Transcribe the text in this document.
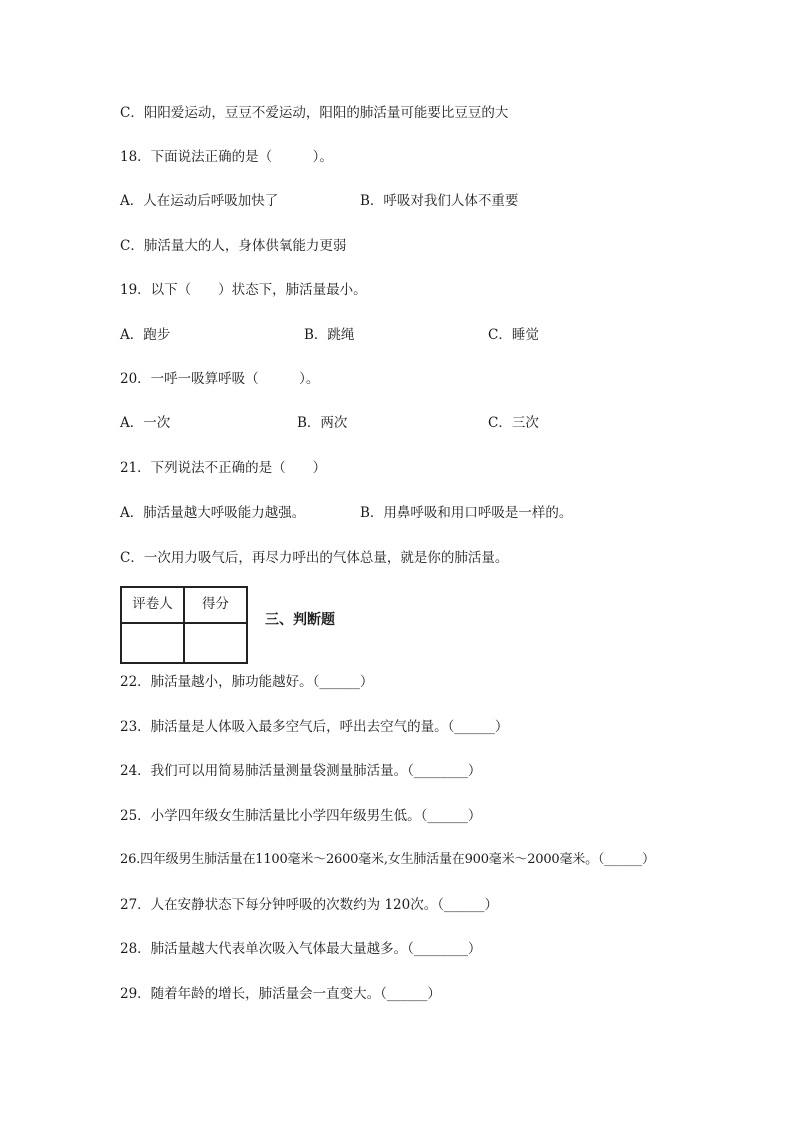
C．阳阳爱运动，豆豆不爱运动，阳阳的肺活量可能要比豆豆的大
18．下面说法正确的是（　　　）。
A．人在运动后呼吸加快了	B．呼吸对我们人体不重要
C．肺活量大的人，身体供氧能力更弱
19．以下（　　）状态下，肺活量最小。
A．跑步	B．跳绳	C．睡觉
20．一呼一吸算呼吸（　　　）。
A．一次	B．两次	C．三次
21．下列说法不正确的是（　　）
A．肺活量越大呼吸能力越强。	B．用鼻呼吸和用口呼吸是一样的。
C．一次用力吸气后，再尽力呼出的气体总量，就是你的肺活量。
评卷人	得分

三、判断题
22．肺活量越小，肺功能越好。（______）
23．肺活量是人体吸入最多空气后，呼出去空气的量。（______）
24．我们可以用简易肺活量测量袋测量肺活量。（________）
25．小学四年级女生肺活量比小学四年级男生低。（______）
26.四年级男生肺活量在1100毫米～2600毫米,女生肺活量在900毫米～2000毫米。（______）
27．人在安静状态下每分钟呼吸的次数约为 120次。（______）
28．肺活量越大代表单次吸入气体最大量越多。（________）
29．随着年龄的增长，肺活量会一直变大。（______）
